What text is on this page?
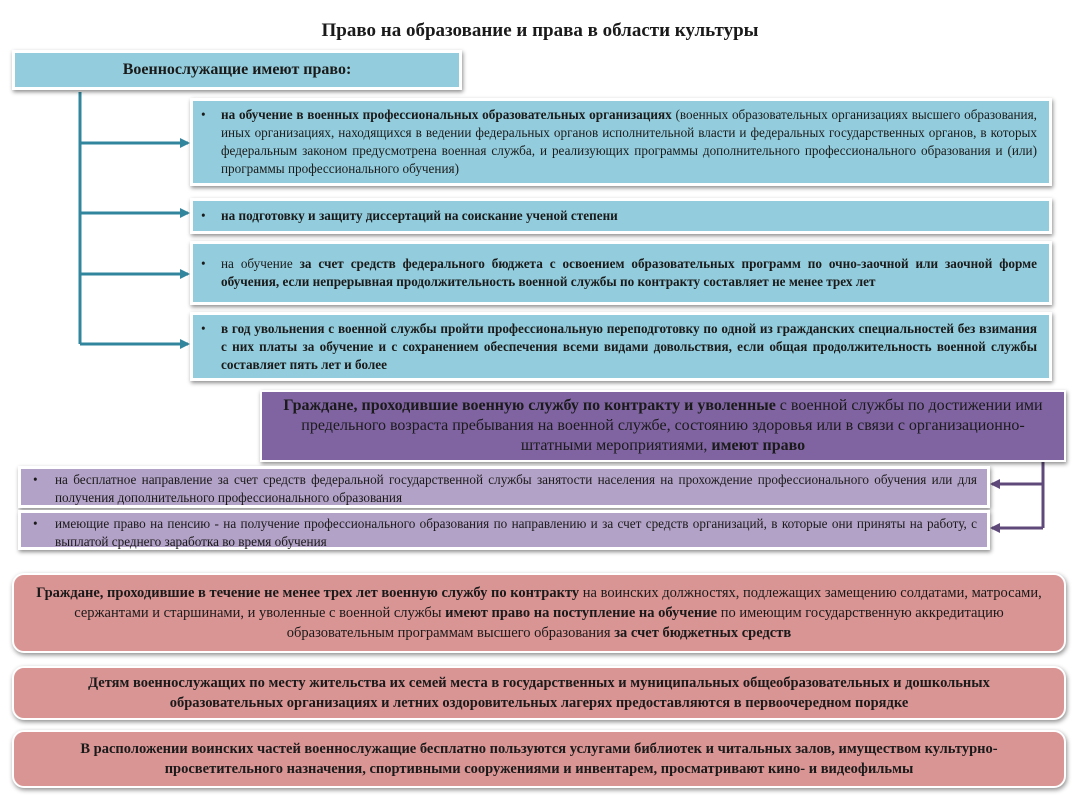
Право на образование и права в области культуры
Военнослужащие имеют право:
• на обучение в военных профессиональных образовательных организациях (военных образовательных организациях высшего образования, иных организациях, находящихся в ведении федеральных органов исполнительной власти и федеральных государственных органов, в которых федеральным законом предусмотрена военная служба, и реализующих программы дополнительного профессионального образования и (или) программы профессионального обучения)
• на подготовку и защиту диссертаций на соискание ученой степени
• на обучение за счет средств федерального бюджета с освоением образовательных программ по очно-заочной или заочной форме обучения, если непрерывная продолжительность военной службы по контракту составляет не менее трех лет
• в год увольнения с военной службы пройти профессиональную переподготовку по одной из гражданских специальностей без взимания с них платы за обучение и с сохранением обеспечения всеми видами довольствия, если общая продолжительность военной службы составляет пять лет и более
Граждане, проходившие военную службу по контракту и уволенные с военной службы по достижении ими предельного возраста пребывания на военной службе, состоянию здоровья или в связи с организационно-штатными мероприятиями, имеют право
• на бесплатное направление за счет средств федеральной государственной службы занятости населения на прохождение профессионального обучения или для получения дополнительного профессионального образования
• имеющие право на пенсию - на получение профессионального образования по направлению и за счет средств организаций, в которые они приняты на работу, с выплатой среднего заработка во время обучения
Граждане, проходившие в течение не менее трех лет военную службу по контракту на воинских должностях, подлежащих замещению солдатами, матросами, сержантами и старшинами, и уволенные с военной службы имеют право на поступление на обучение по имеющим государственную аккредитацию образовательным программам высшего образования за счет бюджетных средств
Детям военнослужащих по месту жительства их семей места в государственных и муниципальных общеобразовательных и дошкольных образовательных организациях и летних оздоровительных лагерях предоставляются в первоочередном порядке
В расположении воинских частей военнослужащие бесплатно пользуются услугами библиотек и читальных залов, имуществом культурно-просветительного назначения, спортивными сооружениями и инвентарем, просматривают кино- и видеофильмы
